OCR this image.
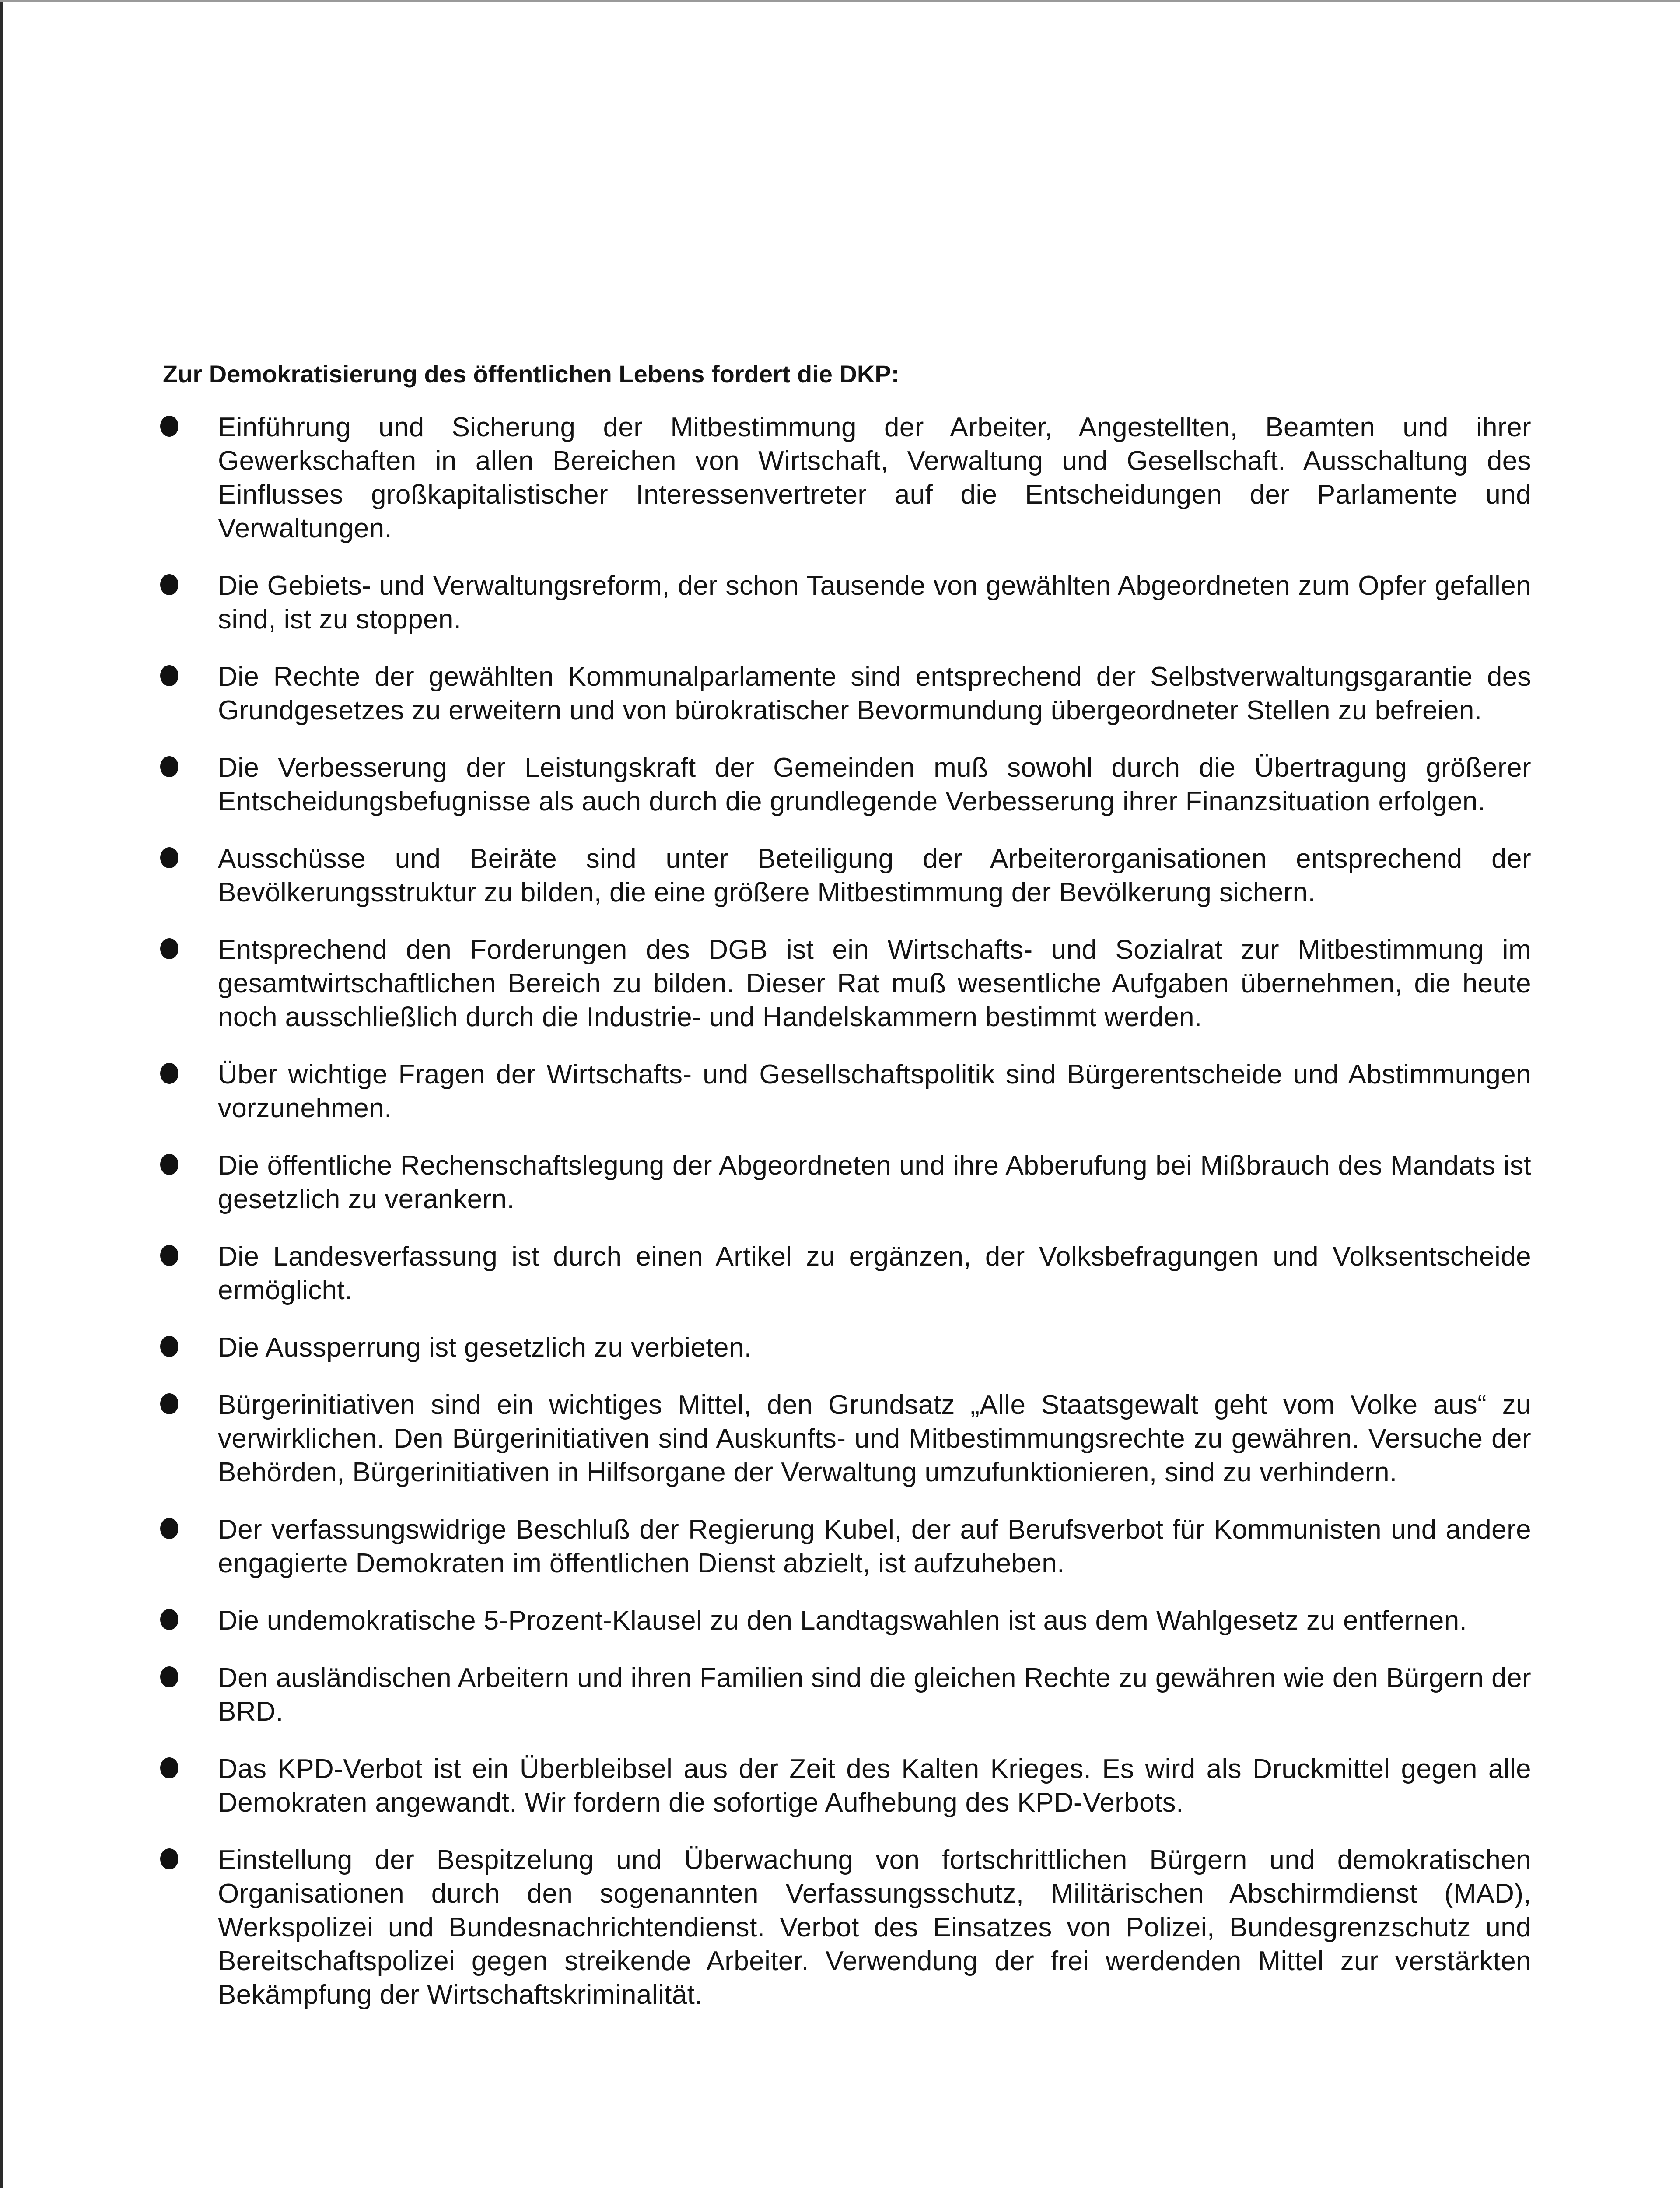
Zur Demokratisierung des öffentlichen Lebens fordert die DKP:
Einführung und Sicherung der Mitbestimmung der Arbeiter, Angestellten, Beamten und ihrer Gewerkschaften in allen Bereichen von Wirtschaft, Verwaltung und Gesellschaft. Ausschaltung des Einflusses großkapitalistischer Interessenvertreter auf die Entscheidungen der Parlamente und Verwaltungen.
Die Gebiets- und Verwaltungsreform, der schon Tausende von gewählten Abgeordneten zum Opfer gefallen sind, ist zu stoppen.
Die Rechte der gewählten Kommunalparlamente sind entsprechend der Selbstverwaltungsgarantie des Grundgesetzes zu erweitern und von bürokratischer Bevormundung übergeordneter Stellen zu befreien.
Die Verbesserung der Leistungskraft der Gemeinden muß sowohl durch die Übertragung größerer Entscheidungsbefugnisse als auch durch die grundlegende Verbesserung ihrer Finanzsituation erfolgen.
Ausschüsse und Beiräte sind unter Beteiligung der Arbeiterorganisationen entsprechend der Bevölkerungsstruktur zu bilden, die eine größere Mitbestimmung der Bevölkerung sichern.
Entsprechend den Forderungen des DGB ist ein Wirtschafts- und Sozialrat zur Mitbestimmung im gesamtwirtschaftlichen Bereich zu bilden. Dieser Rat muß wesentliche Aufgaben übernehmen, die heute noch ausschließlich durch die Industrie- und Handelskammern bestimmt werden.
Über wichtige Fragen der Wirtschafts- und Gesellschaftspolitik sind Bürgerentscheide und Abstimmungen vorzunehmen.
Die öffentliche Rechenschaftslegung der Abgeordneten und ihre Abberufung bei Mißbrauch des Mandats ist gesetzlich zu verankern.
Die Landesverfassung ist durch einen Artikel zu ergänzen, der Volksbefragungen und Volksentscheide ermöglicht.
Die Aussperrung ist gesetzlich zu verbieten.
Bürgerinitiativen sind ein wichtiges Mittel, den Grundsatz „Alle Staatsgewalt geht vom Volke aus“ zu verwirklichen. Den Bürgerinitiativen sind Auskunfts- und Mitbestimmungsrechte zu gewähren. Versuche der Behörden, Bürgerinitiativen in Hilfsorgane der Verwaltung umzufunktionieren, sind zu verhindern.
Der verfassungswidrige Beschluß der Regierung Kubel, der auf Berufsverbot für Kommunisten und andere engagierte Demokraten im öffentlichen Dienst abzielt, ist aufzuheben.
Die undemokratische 5-Prozent-Klausel zu den Landtagswahlen ist aus dem Wahlgesetz zu entfernen.
Den ausländischen Arbeitern und ihren Familien sind die gleichen Rechte zu gewähren wie den Bürgern der BRD.
Das KPD-Verbot ist ein Überbleibsel aus der Zeit des Kalten Krieges. Es wird als Druckmittel gegen alle Demokraten angewandt. Wir fordern die sofortige Aufhebung des KPD-Verbots.
Einstellung der Bespitzelung und Überwachung von fortschrittlichen Bürgern und demokratischen Organisationen durch den sogenannten Verfassungsschutz, Militärischen Abschirmdienst (MAD), Werkspolizei und Bundesnachrichtendienst. Verbot des Einsatzes von Polizei, Bundesgrenzschutz und Bereitschaftspolizei gegen streikende Arbeiter. Verwendung der frei werdenden Mittel zur verstärkten Bekämpfung der Wirtschaftskriminalität.
